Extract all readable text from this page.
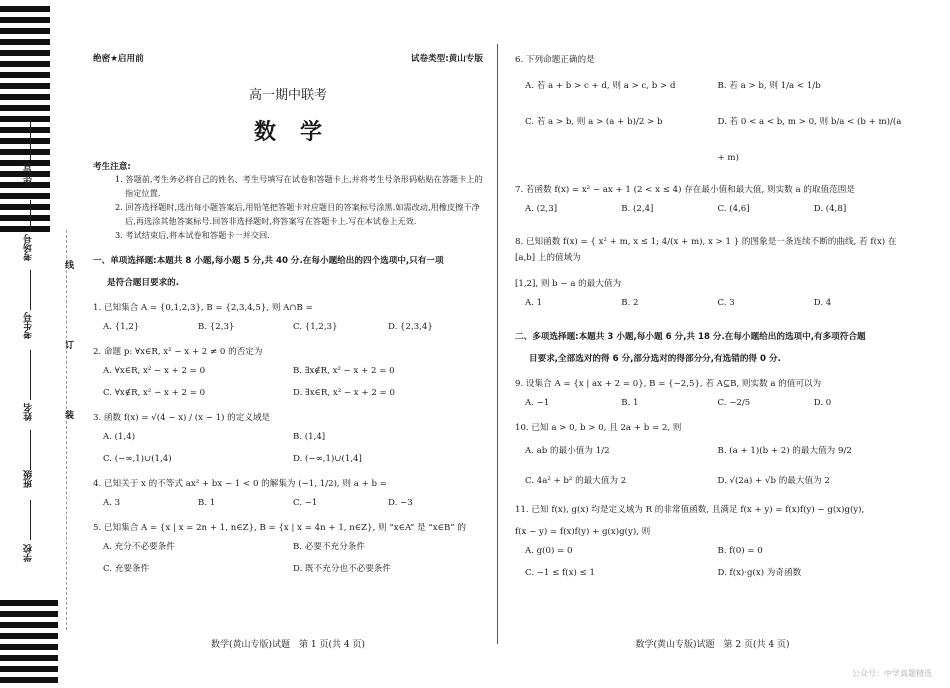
座位号
考场号
考生号
姓名
班级
学校
线
订
装
绝密★启用前	试卷类型:黄山专版
高一期中联考
数学
考生注意:
1. 答题前,考生务必将自己的姓名、考生号填写在试卷和答题卡上,并将考生号条形码粘贴在答题卡上的指定位置.
2. 回答选择题时,选出每小题答案后,用铅笔把答题卡对应题目的答案标号涂黑.如需改动,用橡皮擦干净后,再选涂其他答案标号.回答非选择题时,将答案写在答题卡上.写在本试卷上无效.
3. 考试结束后,将本试卷和答题卡一并交回.
一、单项选择题:本题共 8 小题,每小题 5 分,共 40 分.在每小题给出的四个选项中,只有一项
是符合题目要求的.
1. 已知集合 A = {0,1,2,3}, B = {2,3,4,5}, 则 A∩B =
A. {1,2}	B. {2,3}	C. {1,2,3}	D. {2,3,4}
2. 命题 p: ∀x∈R, x² − x + 2 ≠ 0 的否定为
A. ∀x∈R, x² − x + 2 = 0	B. ∃x∉R, x² − x + 2 = 0
C. ∀x∉R, x² − x + 2 = 0	D. ∃x∈R, x² − x + 2 = 0
3. 函数 f(x) = √(4 − x) / (x − 1) 的定义域是
A. (1,4)	B. (1,4]
C. (−∞,1)∪(1,4)	D. (−∞,1)∪(1,4]
4. 已知关于 x 的不等式 ax² + bx − 1 < 0 的解集为 (−1, 1/2), 则 a + b =
A. 3	B. 1	C. −1	D. −3
5. 已知集合 A = {x | x = 2n + 1, n∈Z}, B = {x | x = 4n + 1, n∈Z}, 则 “x∈A” 是 “x∈B” 的
A. 充分不必要条件	B. 必要不充分条件
C. 充要条件	D. 既不充分也不必要条件
6. 下列命题正确的是
A. 若 a + b > c + d, 则 a > c, b > d	B. 若 a > b, 则 1/a < 1/b
C. 若 a > b, 则 a > (a + b)/2 > b	D. 若 0 < a < b, m > 0, 则 b/a < (b + m)/(a + m)
7. 若函数 f(x) = x² − ax + 1 (2 < x ≤ 4) 存在最小值和最大值, 则实数 a 的取值范围是
A. (2,3]	B. (2,4]	C. (4,6]	D. (4,8]
8. 已知函数 f(x) = { x² + m, x ≤ 1; 4/(x + m), x > 1 } 的图象是一条连续不断的曲线, 若 f(x) 在 [a,b] 上的值域为
[1,2], 则 b − a 的最大值为
A. 1	B. 2	C. 3	D. 4
二、多项选择题:本题共 3 小题,每小题 6 分,共 18 分.在每小题给出的选项中,有多项符合题
目要求,全部选对的得 6 分,部分选对的得部分分,有选错的得 0 分.
9. 设集合 A = {x | ax + 2 = 0}, B = {−2,5}, 若 A⊆B, 则实数 a 的值可以为
A. −1	B. 1	C. −2/5	D. 0
10. 已知 a > 0, b > 0, 且 2a + b = 2, 则
A. ab 的最小值为 1/2	B. (a + 1)(b + 2) 的最大值为 9/2
C. 4a² + b² 的最大值为 2	D. √(2a) + √b 的最大值为 2
11. 已知 f(x), g(x) 均是定义域为 R 的非常值函数, 且满足 f(x + y) = f(x)f(y) − g(x)g(y),
f(x − y) = f(x)f(y) + g(x)g(y), 则
A. g(0) = 0	B. f(0) = 0
C. −1 ≤ f(x) ≤ 1	D. f(x)·g(x) 为奇函数
数学(黄山专版)试题　第 1 页(共 4 页)	数学(黄山专版)试题　第 2 页(共 4 页)
公众号：中学真题精选
